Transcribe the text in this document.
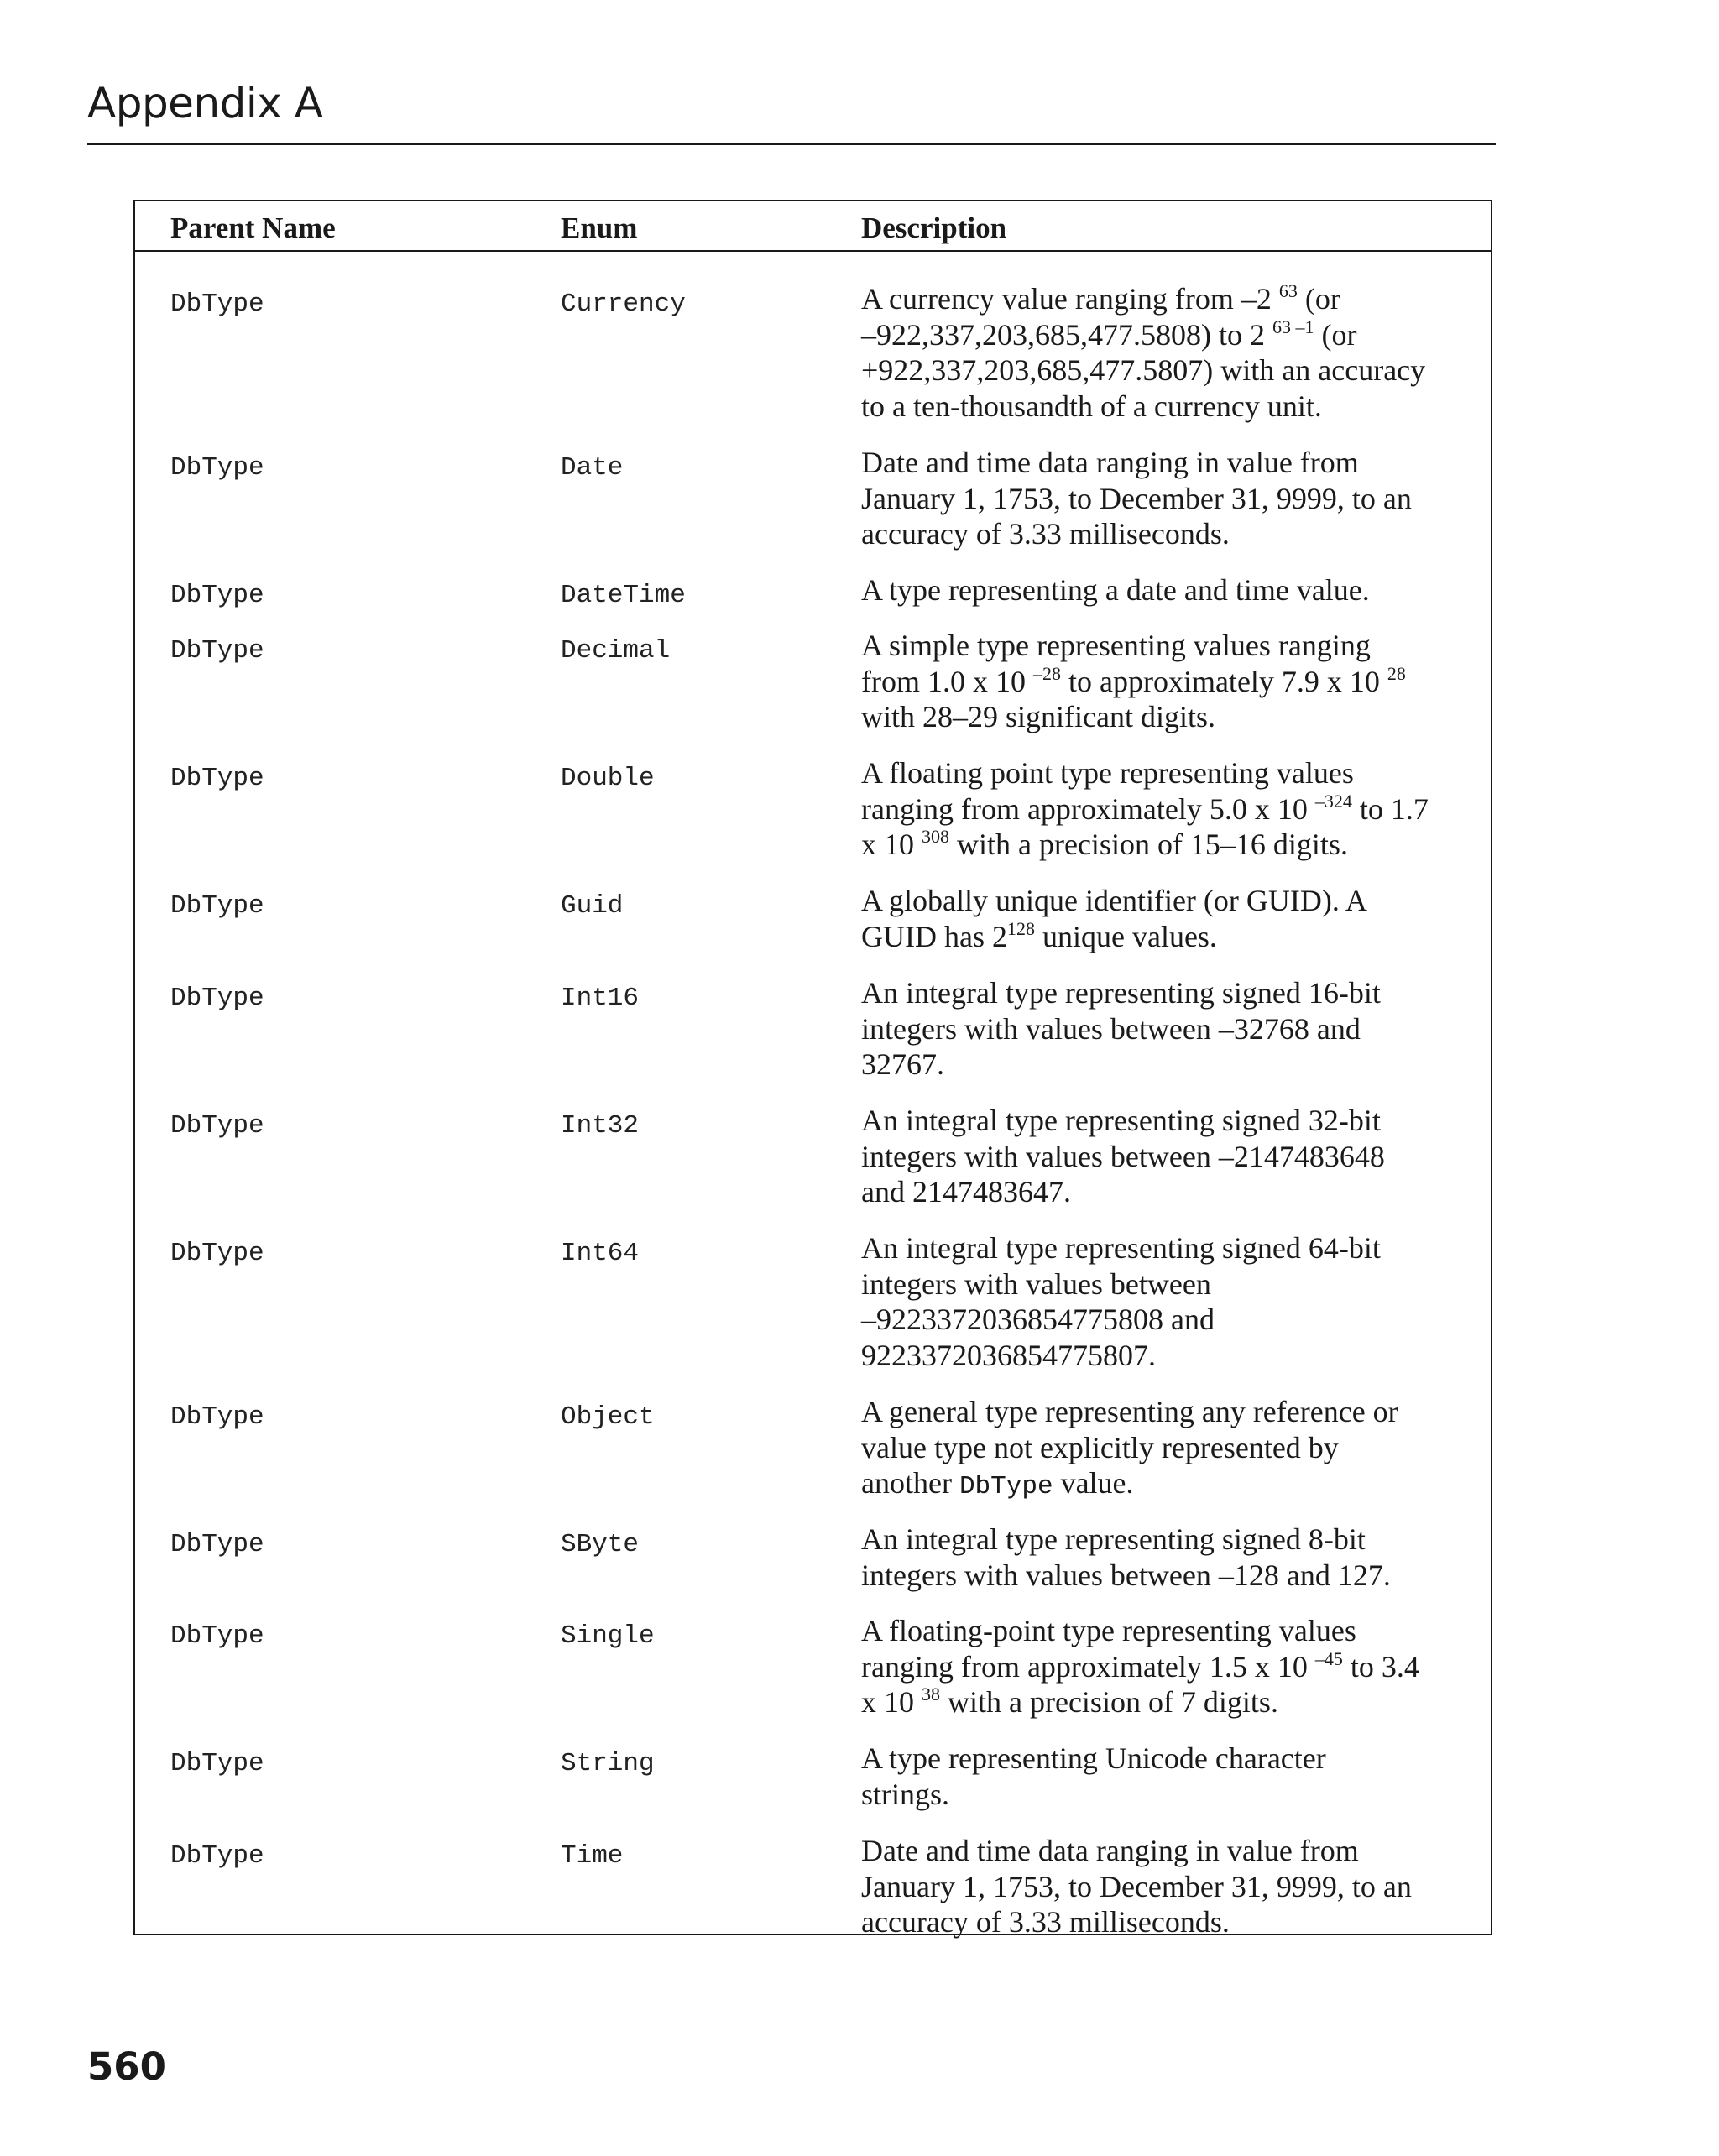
Appendix A
Parent Name	Enum	Description
DbType	Currency	A currency value ranging from –2 $^{63}$ (or
–922,337,203,685,477.5808) to 2 $^{63 -1}$ (or
+922,337,203,685,477.5807) with an accuracy
to a ten-thousandth of a currency unit.
DbType	Date	Date and time data ranging in value from
January 1, 1753, to December 31, 9999, to an
accuracy of 3.33 milliseconds.
DbType	DateTime	A type representing a date and time value.
DbType	Decimal	A simple type representing values ranging
from 1.0 x 10 $^{-28}$ to approximately 7.9 x 10 $^{28}$
with 28–29 significant digits.
DbType	Double	A floating point type representing values
ranging from approximately 5.0 x 10 $^{-324}$ to 1.7
x 10 $^{308}$ with a precision of 15–16 digits.
DbType	Guid	A globally unique identifier (or GUID). A
GUID has $2^{128}$ unique values.
DbType	Int16	An integral type representing signed 16-bit
integers with values between –32768 and
32767.
DbType	Int32	An integral type representing signed 32-bit
integers with values between –2147483648
and 2147483647.
DbType	Int64	An integral type representing signed 64-bit
integers with values between
–9223372036854775808 and
9223372036854775807.
DbType	Object	A general type representing any reference or
value type not explicitly represented by
another DbType value.
DbType	SByte	An integral type representing signed 8-bit
integers with values between –128 and 127.
DbType	Single	A floating-point type representing values
ranging from approximately 1.5 x 10 $^{-45}$ to 3.4
x 10 $^{38}$ with a precision of 7 digits.
DbType	String	A type representing Unicode character
strings.
DbType	Time	Date and time data ranging in value from
January 1, 1753, to December 31, 9999, to an
accuracy of 3.33 milliseconds.
560
